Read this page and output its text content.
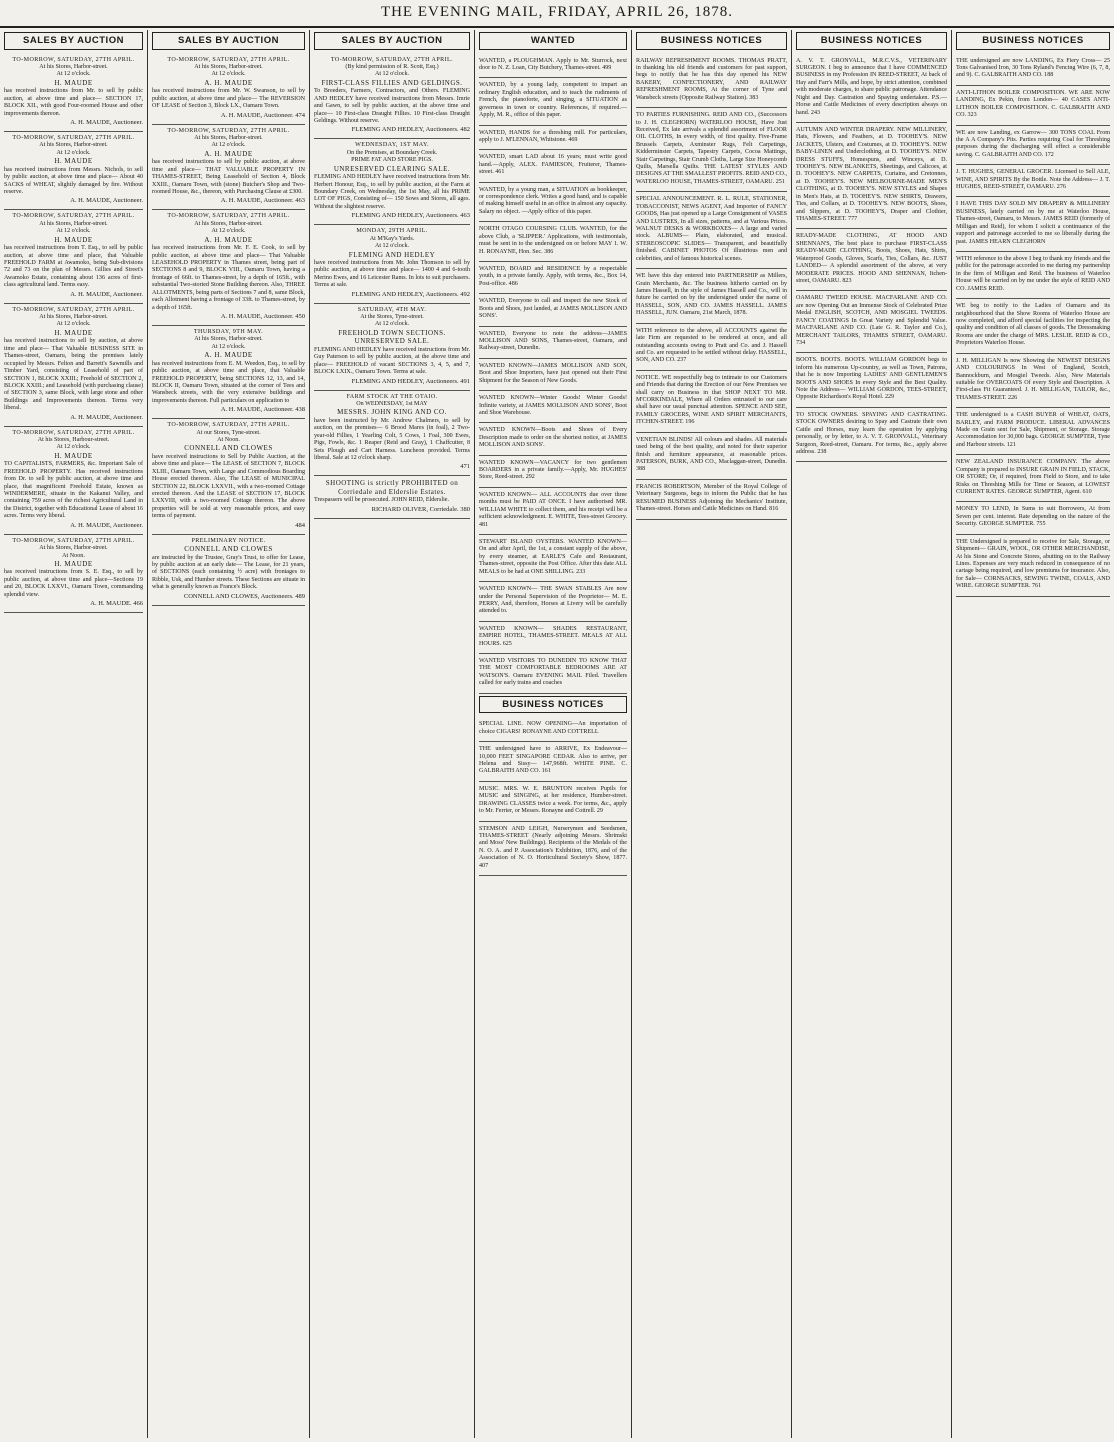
THE EVENING MAIL, FRIDAY, APRIL 26, 1878.
SALES BY AUCTION
TO-MORROW, SATURDAY, 27TH APRIL.
At his Stores, Harbor-street.
At 12 o'clock.
H. MAUDE

has received instructions from Mr. to sell by public auction, at above time and place— SECTION 17, BLOCK XII., with good Four-roomed House and other improvements thereon.

A. H. MAUDE, Auctioneer.
TO-MORROW, SATURDAY, 27TH APRIL.
At his Stores, Harbor-street.
At 12 o'clock.
H. MAUDE

has received instructions from Messrs. Nichols, to sell by public auction, at above time and place— About 40 SACKS of WHEAT, slightly damaged by fire. Without reserve.

A. H. MAUDE, Auctioneer.
TO-MORROW, SATURDAY, 27TH APRIL.
At his Stores, Harbor-street.
At 12 o'clock.
H. MAUDE

has received instructions from T. Esq., to sell by public auction, at above time and place, that Valuable FREEHOLD FARM at Awamoko, being Sub-divisions 72 and 73 on the plan of Messrs. Gillies and Street's Awamoko Estate, containing about 136 acres of first-class agricultural land. Terms easy.

A. H. MAUDE, Auctioneer.
TO-MORROW, SATURDAY, 27TH APRIL.
At his Stores, Harbor-street.
At 12 o'clock.
H. MAUDE

has received instructions to sell by auction, at above time and place— That Valuable BUSINESS SITE in Thames-street, Oamaru, being the premises lately occupied by Messrs. Felton and Barrett's Sawmills and Timber Yard, consisting of Leasehold of part of SECTION 1, BLOCK XXIII.; Freehold of SECTION 2, BLOCK XXIII.; and Leasehold (with purchasing clause) of SECTION 3, same Block, with large stone and other Buildings and Improvements thereon. Terms very liberal.

A. H. MAUDE, Auctioneer.
TO-MORROW, SATURDAY, 27TH APRIL.
At his Stores, Harbour-street.
At 12 o'clock.
H. MAUDE

TO CAPITALISTS, FARMERS, &c. Important Sale of FREEHOLD PROPERTY. Has received instructions from Dr. to sell by public auction, at above time and place, that magnificent Freehold Estate, known as WINDERMERE, situate in the Kakanui Valley, and containing 759 acres of the richest Agricultural Land in the District, together with Educational Lease of about 16 acres. Terms very liberal.

A. H. MAUDE, Auctioneer.
TO-MORROW, SATURDAY, 27TH APRIL.
At his Stores, Harbor-street.
At Noon.
H. MAUDE

has received instructions from S. E. Esq., to sell by public auction, at above time and place—Sections 19 and 20, BLOCK LXXVI., Oamaru Town, commanding splendid view.

A. H. MAUDE. 466
SALES BY AUCTION
TO-MORROW, SATURDAY, 27TH APRIL.
At his Stores, Harbor-street.
At 12 o'clock.
A. H. MAUDE

has received instructions from Mr. W. Swanson, to sell by public auction, at above time and place— The REVERSION OF LEASE of Section 3, Block LX., Oamaru Town.

A. H. MAUDE, Auctioneer. 474
TO-MORROW, SATURDAY, 27TH APRIL.
At his Stores, Harbor-street.
At 12 o'clock.
A. H. MAUDE

has received instructions to sell by public auction, at above time and place— THAT VALUABLE PROPERTY IN THAMES-STREET, Being Leasehold of Section 4, Block XXIII., Oamaru Town, with (stone) Butcher's Shop and Two-roomed House, &c., thereon, with Purchasing Clause at £300.

A. H. MAUDE, Auctioneer. 463
TO-MORROW, SATURDAY, 27TH APRIL.
At his Stores, Harbor-street.
At 12 o'clock.
A. H. MAUDE

has received instructions from Mr. F. E. Cook, to sell by public auction, at above time and place— That Valuable LEASEHOLD PROPERTY in Thames street, being part of SECTIONS 8 and 9, BLOCK VIII., Oamaru Town, having a frontage of 66ft. to Thames-street, by a depth of 165ft., with substantial Two-storied Stone Building thereon. Also, THREE ALLOTMENTS, being parts of Sections 7 and 8, same Block, each Allotment having a frontage of 33ft. to Thames-street, by a depth of 165ft.

A. H. MAUDE, Auctioneer. 450
THURSDAY, 9TH MAY.
At his Stores, Harbor-street.
At 12 o'clock.
A. H. MAUDE

has received instructions from E. M. Weedon, Esq., to sell by public auction, at above time and place, that Valuable FREEHOLD PROPERTY, being SECTIONS 12, 13, and 14, BLOCK II, Oamaru Town, situated at the corner of Tees and Wansbeck streets, with the very extensive buildings and improvements thereon. Full particulars on application to

A. H. MAUDE, Auctioneer. 438
TO-MORROW, SATURDAY, 27TH APRIL.
At our Stores, Tyne-street.
At Noon.
CONNELL AND CLOWES

have received instructions to Sell by Public Auction, at the above time and place— The LEASE of SECTION 7, BLOCK XLIII., Oamaru Town, with Large and Commodious Boarding House erected thereon. Also, The LEASE of MUNICIPAL SECTION 22, BLOCK LXXVII., with a two-roomed Cottage erected thereon. And the LEASE of SECTION 17, BLOCK LXXVIII, with a two-roomed Cottage thereon. The above properties will be sold at very reasonable prices, and easy terms of payment.

484
PRELIMINARY NOTICE.
CONNELL AND CLOWES

are instructed by the Trustee, Gray's Trust, to offer for Lease, by public auction at an early date— The Lease, for 21 years, of SECTIONS (each containing ½ acre) with frontages to Ribble, Usk, and Humber streets. These Sections are situate in what is generally known as France's Block.

CONNELL AND CLOWES, Auctioneers. 489
SALES BY AUCTION
TO-MORROW, SATURDAY, 27TH APRIL.
(By kind permission of R. Scott, Esq.)
At 12 o'clock.
FIRST-CLASS FILLIES AND GELDINGS.

To Breeders, Farmers, Contractors, and Others. FLEMING AND HEDLEY have received instructions from Messrs. Imrie and Gawn, to sell by public auction, at the above time and place— 10 First-class Draught Fillies. 10 First-class Draught Geldings. Without reserve.

FLEMING AND HEDLEY, Auctioneers. 482
WEDNESDAY, 1ST MAY.
On the Premises, at Boundary Creek.
PRIME FAT AND STORE PIGS.
UNRESERVED CLEARING SALE.

FLEMING AND HEDLEY have received instructions from Mr. Herbert Honour, Esq., to sell by public auction, at the Farm at Boundary Creek, on Wednesday, the 1st May, all his PRIME LOT OF PIGS, Consisting of— 150 Sows and Stores, all ages. Without the slightest reserve.

FLEMING AND HEDLEY, Auctioneers. 463
MONDAY, 29TH APRIL.
At M'Kay's Yards.
At 12 o'clock.
FLEMING AND HEDLEY

have received instructions from Mr. John Thomson to sell by public auction, at above time and place— 1400 4 and 6-tooth Merino Ewes, and 16 Leicester Rams. In lots to suit purchasers. Terms at sale.

FLEMING AND HEDLEY, Auctioneers. 492
SATURDAY, 4TH MAY.
At the Stores, Tyne-street.
At 12 o'clock.
FREEHOLD TOWN SECTIONS. UNRESERVED SALE.

FLEMING AND HEDLEY have received instructions from Mr. Guy Paterson to sell by public auction, at the above time and place— FREEHOLD of vacant SECTIONS 3, 4, 5, and 7, BLOCK LXIX., Oamaru Town. Terms at sale.

FLEMING AND HEDLEY, Auctioneers. 491
FARM STOCK AT THE OTAIO.
On WEDNESDAY, 1st MAY
MESSRS. JOHN KING AND CO.

have been instructed by Mr. Andrew Chalmers, to sell by auction, on the premises— 6 Brood Mares (in foal), 2 Two-year-old Fillies, 1 Yearling Colt, 5 Cows, 1 Foal, 300 Ewes, Pigs, Fowls, &c. 1 Reaper (Reid and Gray), 1 Chaffcutter, 8 Sets Plough and Cart Harness. Luncheon provided. Terms liberal. Sale at 12 o'clock sharp.

471
SHOOTING is strictly PROHIBITED on Corriedale and Elderslie Estates.

Trespassers will be prosecuted. JOHN REID, Elderslie.

RICHARD OLIVER, Corriedale. 380
WANTED

WANTED, a PLOUGHMAN. Apply to Mr. Sturrock, next door to N. Z. Loan, City Butchery, Thames-street. 499

WANTED, by a young lady, competent to impart an ordinary English education, and to teach the rudiments of French, the pianoforte, and singing, a SITUATION as governess in town or country. References, if required.—Apply, M. R., office of this paper.

WANTED, HANDS for a threshing mill. For particulars, apply to J. M'LENNAN, Whitstone. 469

WANTED, smart LAD about 16 years; must write good hand.—Apply, ALEX. FAMIESON, Fruiterer, Thames-street. 461

WANTED, by a young man, a SITUATION as bookkeeper, or correspondence clerk. Writes a good hand, and is capable of making himself useful in an office in almost any capacity. Salary no object. —Apply office of this paper.

NORTH OTAGO COURSING CLUB. WANTED, for the above Club, a 'SLIPPER.' Applications, with testimonials, must be sent in to the undersigned on or before MAY 1. W. H. RONAYNE, Hon. Sec. 386

WANTED, BOARD and RESIDENCE by a respectable youth, in a private family. Apply, with terms, &c., Box 14, Post-office. 486

WANTED, Everyone to call and inspect the new Stock of Boots and Shoes, just landed, at JAMES MOLLISON AND SONS'.

WANTED, Everyone to note the address—JAMES MOLLISON AND SONS, Thames-street, Oamaru, and Railway-street, Dunedin.

WANTED KNOWN—JAMES MOLLISON AND SON, Boot and Shoe Importers, have just opened out their First Shipment for the Season of New Goods.

WANTED KNOWN—Winter Goods! Winter Goods! Infinite variety, at JAMES MOLLISON AND SONS', Boot and Shoe Warehouse.

WANTED KNOWN—Boots and Shoes of Every Description made to order on the shortest notice, at JAMES MOLLISON AND SONS'.

WANTED KNOWN—VACANCY for two gentlemen BOARDERS in a private family.—Apply, Mr. HUGHES' Store, Reed-street. 292

WANTED KNOWN— ALL ACCOUNTS due over three months must be PAID AT ONCE. I have authorised MR. WILLIAM WHITE to collect them, and his receipt will be a sufficient acknowledgment. E. WHITE, Tees-street Grocery. 481

STEWART ISLAND OYSTERS. WANTED KNOWN— On and after April, the 1st, a constant supply of the above, by every steamer, at EARLE'S Cafe and Restaurant, Thames-street, opposite the Post Office. After this date ALL MEALS to be had at ONE SHILLING. 233

WANTED KNOWN— THE SWAN STABLES Are now under the Personal Supervision of the Proprietor— M. E. PERRY, And, therefore, Horses at Livery will be carefully attended to.

WANTED KNOWN— SHADES RESTAURANT, EMPIRE HOTEL, THAMES-STREET. MEALS AT ALL HOURS. 625

WANTED VISITORS TO DUNEDIN TO KNOW THAT THE MOST COMFORTABLE BEDROOMS ARE AT WATSON'S. Oamaru EVENING MAIL Filed. Travellers called for early trains and coaches

BUSINESS NOTICES

SPECIAL LINE. NOW OPENING—An importation of choice CIGARS! RONAYNE AND COTTRELL

THE undersigned have to ARRIVE, Ex Endeavour— 10,000 FEET SINGAPORE CEDAR. Also to arrive, per Helena and Sissy— 147,968ft. WHITE PINE. C. GALBRAITH AND CO. 161

MUSIC. MRS. W. E. BRUNTON receives Pupils for MUSIC and SINGING, at her residence, Humber-street. DRAWING CLASSES twice a week. For terms, &c., apply to Mr. Ferrier, or Messrs. Ronayne and Cottrell. 29

STEMSON AND LEIGH, Nurserymen and Seedsmen, THAMES-STREET (Nearly adjoining Messrs. Shrimski and Moss' New Buildings). Recipients of the Medals of the N. O. A. and P. Association's Exhibition, 1876, and of the Association of N. O. Horticultural Society's Show, 1877. 407

BUSINESS NOTICES

RAILWAY REFRESHMENT ROOMS. THOMAS PRATT, in thanking his old friends and customers for past support, begs to notify that he has this day opened his NEW BAKERY, CONFECTIONERY, AND RAILWAY REFRESHMENT ROOMS, At the corner of Tyne and Wansbeck streets (Opposite Railway Station). 383

TO PARTIES FURNISHING. REID AND CO., (Successors to J. H. CLEGHORN) WATERLOO HOUSE, Have Just Received, Ex late arrivals a splendid assortment of FLOOR OIL CLOTHS, In every width, of first quality. Five-Frame Brussels Carpets, Axminster Rugs, Felt Carpetings, Kidderminster Carpets, Tapestry Carpets, Cocoa Mattings, Stair Carpetings, Stair Crumb Cloths, Large Size Honeycomb Quilts, Marsella Quilts. THE LATEST STYLES AND DESIGNS AT THE SMALLEST PROFITS. REID AND CO., WATERLOO HOUSE, THAMES-STREET, OAMARU. 251

SPECIAL ANNOUNCEMENT. R. L. RULE, STATIONER, TOBACCONIST, NEWS AGENT, And Importer of FANCY GOODS, Has just opened up a Large Consignment of VASES AND LUSTRES, In all sizes, patterns, and at Various Prices. WALNUT DESKS & WORKBOXES— A large and varied stock. ALBUMS— Plain, elaborated, and musical. STEREOSCOPIC SLIDES— Transparent, and beautifully finished. CABINET PHOTOS Of illustrious men and celebrities, and of famous historical scenes.

WE have this day entered into PARTNERSHIP as Millers, Grain Merchants, &c. The business hitherto carried on by James Hassell, in the style of James Hassell and Co., will in future be carried on by the undersigned under the name of HASSELL, SON, AND CO. JAMES HASSELL. JAMES HASSELL, JUN. Oamaru, 21st March, 1878.

WITH reference to the above, all ACCOUNTS against the late Firm are requested to be rendered at once, and all outstanding accounts owing to Pratt and Co. and J. Hassell and Co. are requested to be settled without delay. HASSELL, SON, AND CO. 237

NOTICE. WE respectfully beg to intimate to our Customers and Friends that during the Erection of our New Premises we shall carry on Business in that SHOP NEXT TO MR. M'CORKINDALE, Where all Orders entrusted to our care shall have our usual punctual attention. SPENCE AND SEE, FAMILY GROCERS, WINE AND SPIRIT MERCHANTS, ITCHEN-STREET. 196

VENETIAN BLINDS! All colours and shades. All materials used being of the best quality, and noted for their superior finish and furniture appearance, at reasonable prices. PATERSON, BURK, AND CO., Maclaggan-street, Dunedin. 388

FRANCIS ROBERTSON, Member of the Royal College of Veterinary Surgeons, begs to inform the Public that he has RESUMED BUSINESS Adjoining the Mechanics' Institute, Thames-street. Horses and Cattle Medicines on Hand. 816

BUSINESS NOTICES

A. V. T. GRONVALL, M.R.C.V.S., VETERINARY SURGEON. I beg to announce that I have COMMENCED BUSINESS in my Profession IN REED-STREET, At back of Hay and Farr's Mills, and hope, by strict attention, combined with moderate charges, to share public patronage. Attendance Night and Day. Castration and Spaying undertaken. P.S.—Horse and Cattle Medicines of every description always on hand. 243

AUTUMN AND WINTER DRAPERY. NEW MILLINERY, Hats, Flowers, and Feathers, at D. TOOHEY'S. NEW JACKETS, Ulsters, and Costumes, at D. TOOHEY'S. NEW BABY-LINEN and Underclothing, at D. TOOHEY'S. NEW DRESS STUFFS, Homespuns, and Winceys, at D. TOOHEY'S. NEW BLANKETS, Sheetings, and Calicoes, at D. TOOHEY'S. NEW CARPETS, Curtains, and Cretonnes, at D. TOOHEY'S. NEW MELBOURNE-MADE MEN'S CLOTHING, at D. TOOHEY'S. NEW STYLES and Shapes in Men's Hats, at D. TOOHEY'S. NEW SHIRTS, Drawers, Ties, and Collars, at D. TOOHEY'S. NEW BOOTS, Shoes, and Slippers, at D. TOOHEY'S, Draper and Clothier, THAMES-STREET. 777

READY-MADE CLOTHING, AT HOOD AND SHENNAN'S, The best place to purchase FIRST-CLASS READY-MADE CLOTHING, Boots, Shoes, Hats, Shirts, Waterproof Goods, Gloves, Scarfs, Ties, Collars, &c. JUST LANDED— A splendid assortment of the above, at very MODERATE PRICES. HOOD AND SHENNAN, Itchen-street, OAMARU. 823

OAMARU TWEED HOUSE. MACFARLANE AND CO. are now Opening Out an Immense Stock of Celebrated Prize Medal ENGLISH, SCOTCH, AND MOSGIEL TWEEDS. FANCY COATINGS In Great Variety and Splendid Value. MACFARLANE AND CO. (Late G. R. Taylor and Co.), MERCHANT TAILORS, THAMES STREET, OAMARU. 734

BOOTS. BOOTS. BOOTS. WILLIAM GORDON begs to inform his numerous Up-country, as well as Town, Patrons, that he is now Importing LADIES' AND GENTLEMEN'S BOOTS AND SHOES In every Style and the Best Quality. Note the Address— WILLIAM GORDON, TEES-STREET, Opposite Richardson's Royal Hotel. 229

TO STOCK OWNERS. SPAYING AND CASTRATING. STOCK OWNERS desiring to Spay and Castrate their own Cattle and Horses, may learn the operation by applying personally, or by letter, to A. V. T. GRONVALL, Veterinary Surgeon, Reed-street, Oamaru. For terms, &c., apply above address. 238

BUSINESS NOTICES

THE undersigned are now LANDING, Ex Fiery Cross— 25 Tons Galvanised Iron, 30 Tons Ryland's Fencing Wire (6, 7, 8, and 9). C. GALBRAITH AND CO. 188

ANTI-LITHON BOILER COMPOSITION. WE ARE NOW LANDING, Ex Pekin, from London— 40 CASES ANTI-LITHON BOILER COMPOSITION. C. GALBRAITH AND CO. 323

WE are now Landing, ex Garrow— 300 TONS COAL From the A A Company's Pits. Parties requiring Coal for Threshing purposes during the discharging will effect a considerable saving. C. GALBRAITH AND CO. 172

J. T. HUGHES, GENERAL GROCER. Licensed to Sell ALE, WINE, AND SPIRITS By the Bottle. Note the Address— J. T. HUGHES, REED-STREET, OAMARU. 276

I HAVE THIS DAY SOLD MY DRAPERY & MILLINERY BUSINESS, lately carried on by me at Waterloo House, Thames-street, Oamaru, to Messrs. JAMES REID (formerly of Milligan and Reid), for whom I solicit a continuance of the support and patronage accorded to me so liberally during the past. JAMES HEARN CLEGHORN

WITH reference to the above I beg to thank my friends and the public for the patronage accorded to me during my partnership in the firm of Milligan and Reid. The business of Waterloo House will be carried on by me under the style of REID AND CO. JAMES REID.

WE beg to notify to the Ladies of Oamaru and its neighbourhood that the Show Rooms of Waterloo House are now completed, and afford special facilities for inspecting the quality and condition of all classes of goods. The Dressmaking Rooms are under the charge of MRS. LESLIE. REID & CO., Proprietors Waterloo House.

J. H. MILLIGAN Is now Showing the NEWEST DESIGNS AND COLOURINGS In West of England, Scotch, Bannockburn, and Mosgiel Tweeds. Also, New Materials suitable for OVERCOATS Of every Style and Description. A First-class Fit Guaranteed. J. H. MILLIGAN, TAILOR, &c., THAMES-STREET. 226

THE undersigned is a CASH BUYER of WHEAT, OATS, BARLEY, and FARM PRODUCE. LIBERAL ADVANCES Made on Grain sent for Sale, Shipment, or Storage. Storage Accommodation for 30,000 bags. GEORGE SUMPTER, Tyne and Harbour streets. 121

NEW ZEALAND INSURANCE COMPANY. The above Company is prepared to INSURE GRAIN IN FIELD, STACK, OR STORE; Or, if required, from Field to Store, and to take Risks on Threshing Mills for Time or Season, at LOWEST CURRENT RATES. GEORGE SUMPTER, Agent. 610

MONEY TO LEND, In Sums to suit Borrowers, At from Seven per cent. interest. Rate depending on the nature of the Security. GEORGE SUMPTER. 755

THE Undersigned is prepared to receive for Sale, Storage, or Shipment— GRAIN, WOOL, OR OTHER MERCHANDISE, At his Stone and Concrete Stores, abutting on to the Railway Lines. Expenses are very much reduced in consequence of no cartage being required, and low premiums for insurance. Also, for Sale— CORNSACKS, SEWING TWINE, COALS, AND WIRE. GEORGE SUMPTER. 761
